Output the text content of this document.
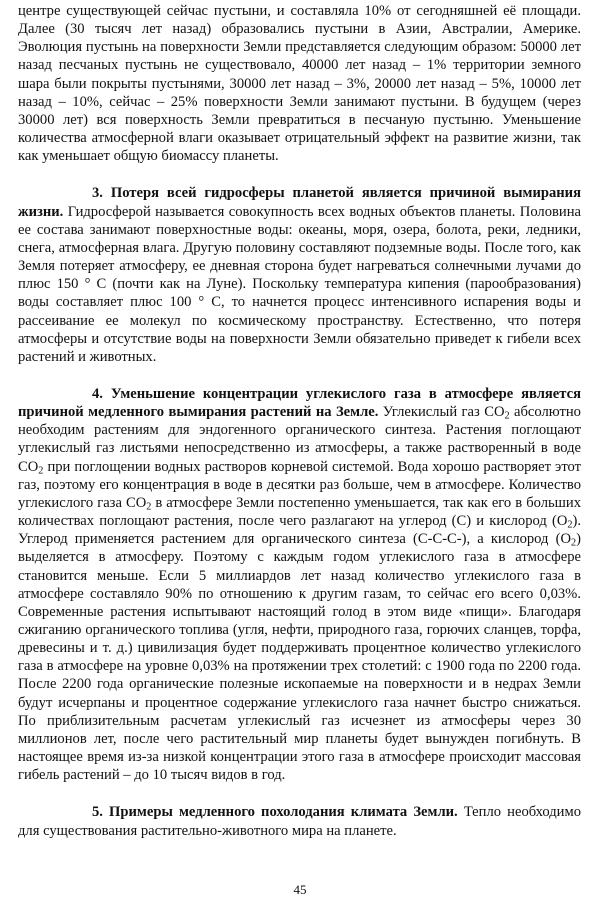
центре существующей сейчас пустыни, и составляла 10% от сегодняшней её площади. Далее (30 тысяч лет назад) образовались пустыни в Азии, Австралии, Америке. Эволюция пустынь на поверхности Земли представляется следующим образом: 50000 лет назад песчаных пустынь не существовало, 40000 лет назад – 1% территории земного шара были покрыты пустынями, 30000 лет назад – 3%, 20000 лет назад – 5%, 10000 лет назад – 10%, сейчас – 25% поверхности Земли занимают пустыни. В будущем (через 30000 лет) вся поверхность Земли превратиться в песчаную пустыню. Уменьшение количества атмосферной влаги оказывает отрицательный эффект на развитие жизни, так как уменьшает общую биомассу планеты.

3. Потеря всей гидросферы планетой является причиной вымирания жизни. Гидросферой называется совокупность всех водных объектов планеты. Половина ее состава занимают поверхностные воды: океаны, моря, озера, болота, реки, ледники, снега, атмосферная влага. Другую половину составляют подземные воды. После того, как Земля потеряет атмосферу, ее дневная сторона будет нагреваться солнечными лучами до плюс 150 ° С (почти как на Луне). Поскольку температура кипения (парообразования) воды составляет плюс 100 ° С, то начнется процесс интенсивного испарения воды и рассеивание ее молекул по космическому пространству. Естественно, что потеря атмосферы и отсутствие воды на поверхности Земли обязательно приведет к гибели всех растений и животных.

4. Уменьшение концентрации углекислого газа в атмосфере является причиной медленного вымирания растений на Земле. Углекислый газ $CO_2$ абсолютно необходим растениям для эндогенного органического синтеза. Растения поглощают углекислый газ листьями непосредственно из атмосферы, а также растворенный в воде $CO_2$ при поглощении водных растворов корневой системой. Вода хорошо растворяет этот газ, поэтому его концентрация в воде в десятки раз больше, чем в атмосфере. Количество углекислого газа $CO_2$ в атмосфере Земли постепенно уменьшается, так как его в больших количествах поглощают растения, после чего разлагают на углерод (C) и кислород $(O_2)$. Углерод применяется растением для органического синтеза (С-С-С-), а кислород $(O_2)$ выделяется в атмосферу. Поэтому с каждым годом углекислого газа в атмосфере становится меньше. Если 5 миллиардов лет назад количество углекислого газа в атмосфере составляло 90% по отношению к другим газам, то сейчас его всего 0,03%. Современные растения испытывают настоящий голод в этом виде «пищи». Благодаря сжиганию органического топлива (угля, нефти, природного газа, горючих сланцев, торфа, древесины и т. д.) цивилизация будет поддерживать процентное количество углекислого газа в атмосфере на уровне 0,03% на протяжении трех столетий: с 1900 года по 2200 года. После 2200 года органические полезные ископаемые на поверхности и в недрах Земли будут исчерпаны и процентное содержание углекислого газа начнет быстро снижаться. По приблизительным расчетам углекислый газ исчезнет из атмосферы через 30 миллионов лет, после чего растительный мир планеты будет вынужден погибнуть. В настоящее время из-за низкой концентрации этого газа в атмосфере происходит массовая гибель растений – до 10 тысяч видов в год.

5. Примеры медленного похолодания климата Земли. Тепло необходимо для существования растительно-животного мира на планете.

45
